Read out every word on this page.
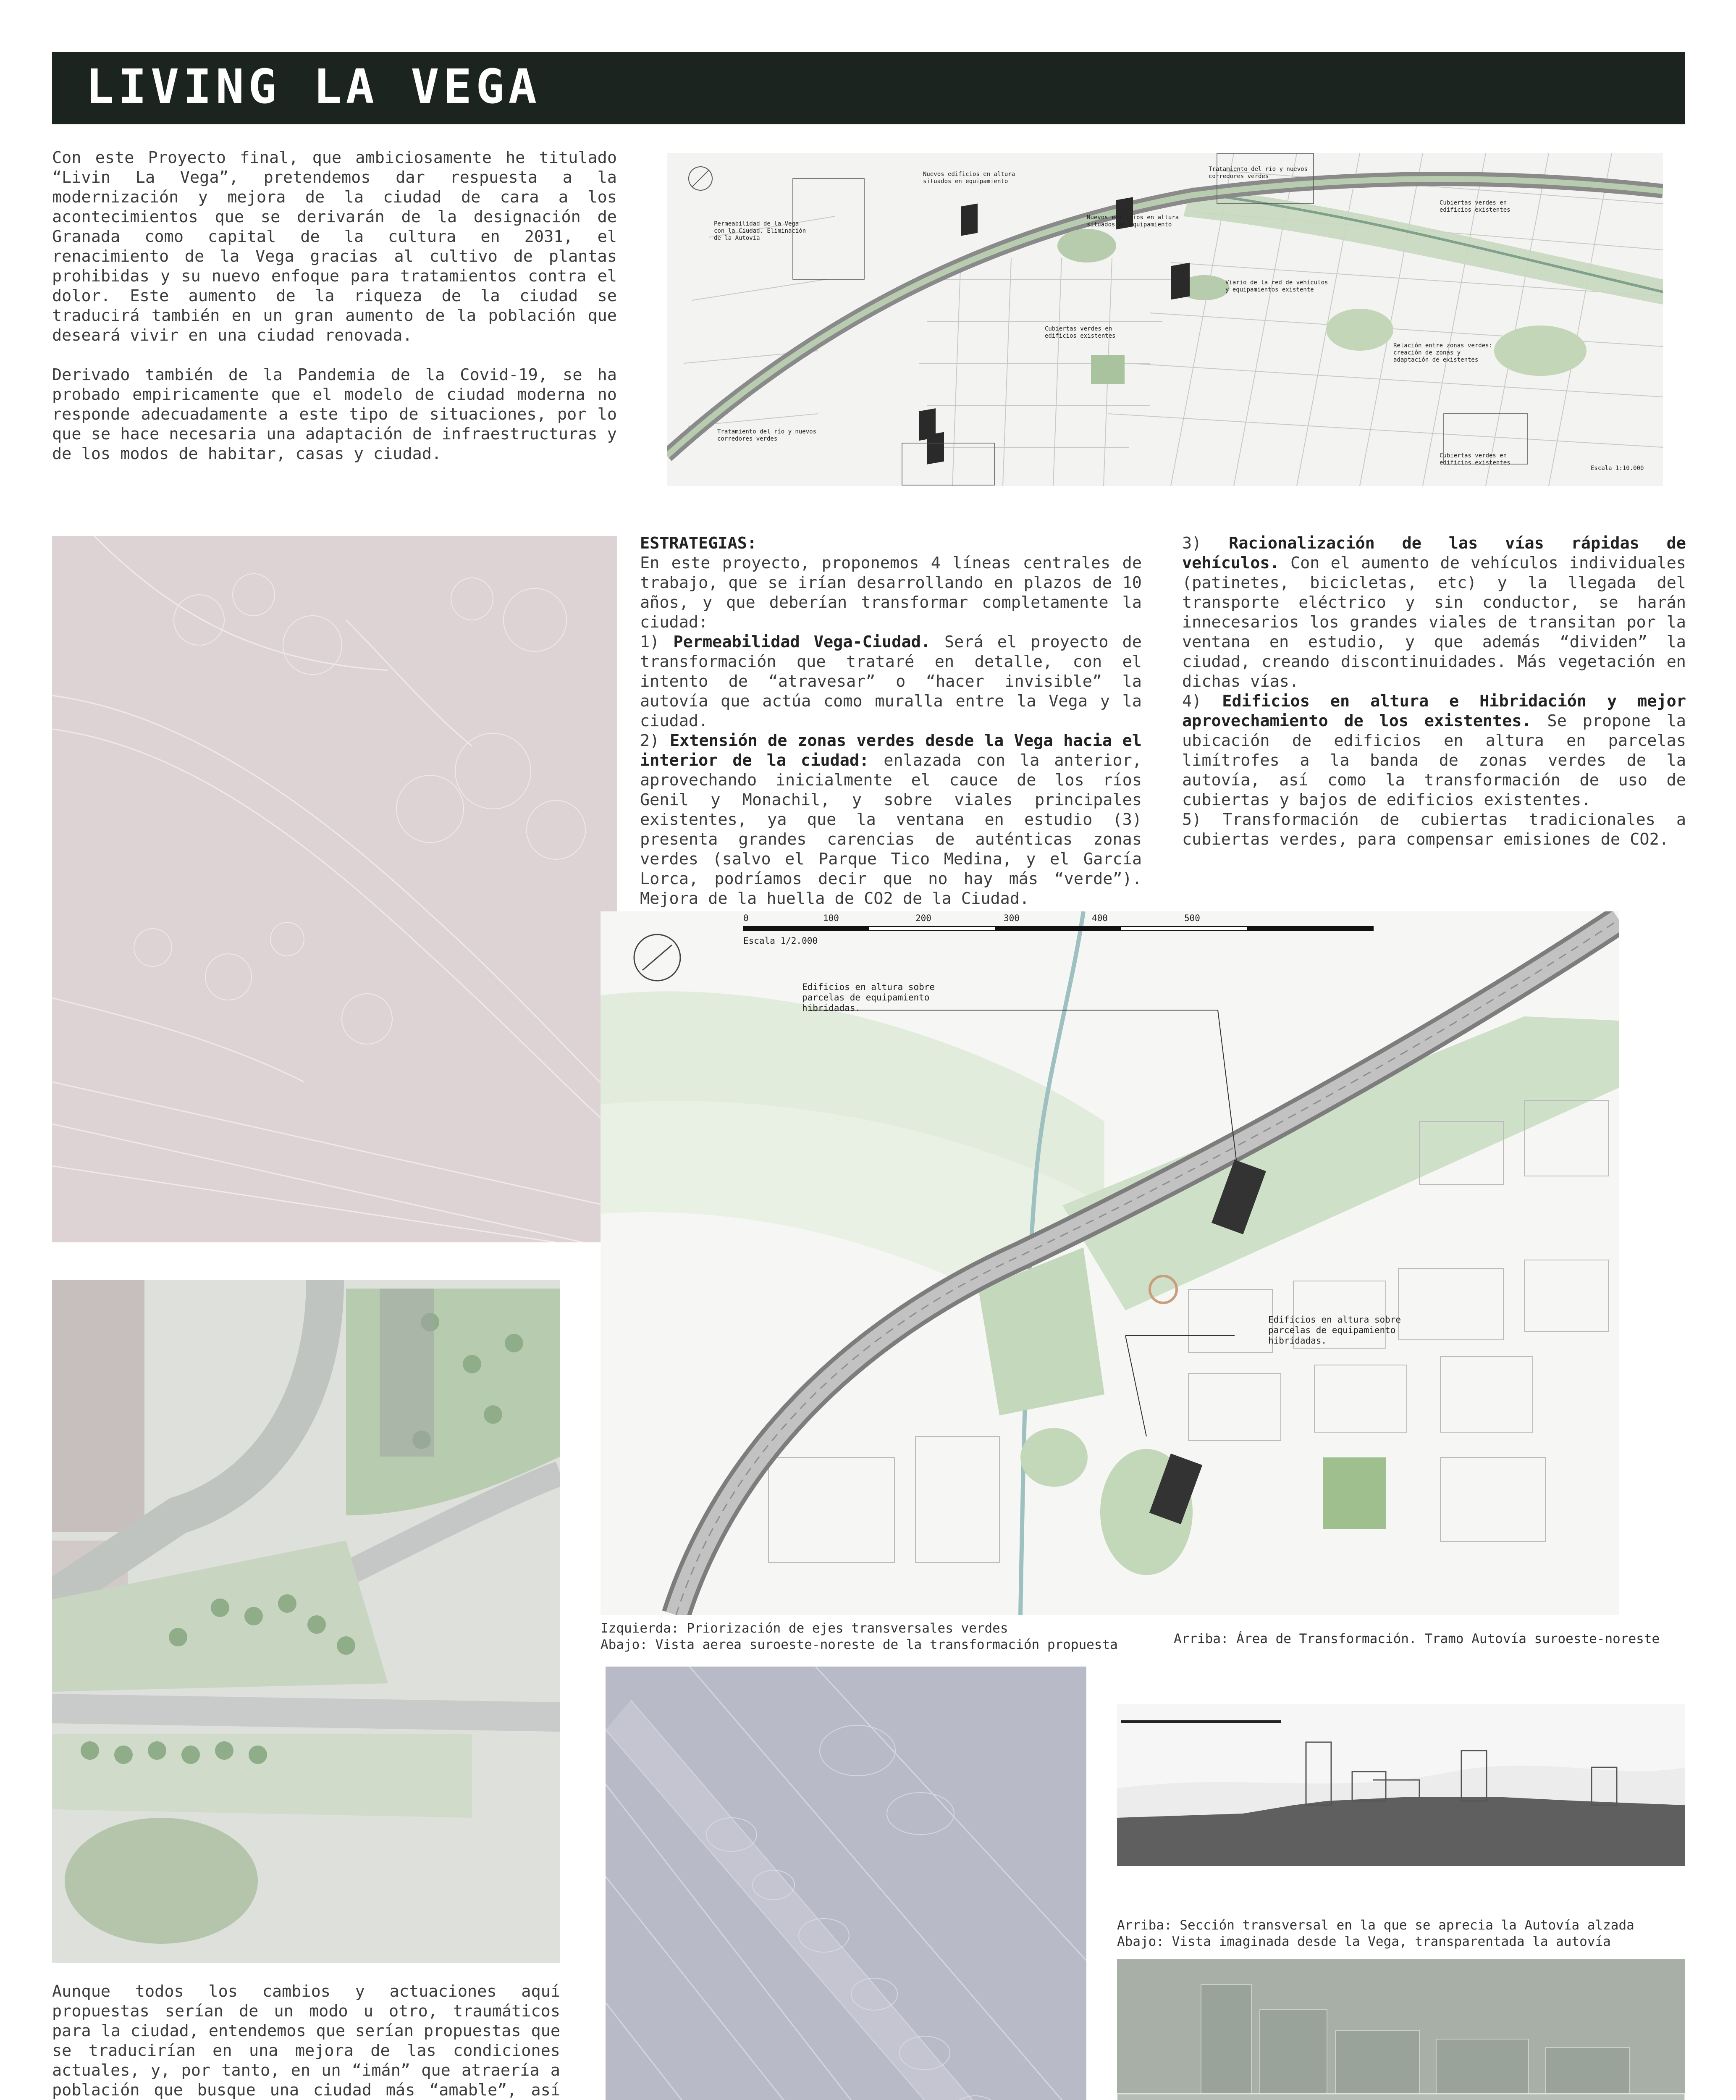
LIVING LA VEGA

Con este Proyecto final, que ambiciosamente he titulado “Livin La Vega”, pretendemos dar respuesta a la modernización y mejora de la ciudad de cara a los acontecimientos que se derivarán de la designación de Granada como capital de la cultura en 2031, el renacimiento de la Vega gracias al cultivo de plantas prohibidas y su nuevo enfoque para tratamientos contra el dolor. Este aumento de la riqueza de la ciudad se traducirá también en un gran aumento de la población que deseará vivir en una ciudad renovada.

Derivado también de la Pandemia de la Covid-19, se ha probado empiricamente que el modelo de ciudad moderna no responde adecuadamente a este tipo de situaciones, por lo que se hace necesaria una adaptación de infraestructuras y de los modos de habitar, casas y ciudad.

Permeabilidad de la Vega con la Ciudad. Eliminación de la Autovía
Nuevos edificios en altura situados en equipamiento
Nuevos edificios en altura situados en equipamiento
Tratamiento del río y nuevos corredores verdes
Cubiertas verdes en edificios existentes
Viario de la red de vehículos y equipamientos existente
Relación entre zonas verdes: creación de zonas y adaptación de existentes
Cubiertas verdes en edificios existentes
Cubiertas verdes en edificios existentes
Tratamiento del río y nuevos corredores verdes
Escala 1:10.000
ESTRATEGIAS:
En este proyecto, proponemos 4 líneas centrales de trabajo, que se irían desarrollando en plazos de 10 años, y que deberían transformar completamente la ciudad:
1) Permeabilidad Vega-Ciudad. Será el proyecto de transformación que trataré en detalle, con el intento de “atravesar” o “hacer invisible” la autovía que actúa como muralla entre la Vega y la ciudad.
2) Extensión de zonas verdes desde la Vega hacia el interior de la ciudad: enlazada con la anterior, aprovechando inicialmente el cauce de los ríos Genil y Monachil, y sobre viales principales existentes, ya que la ventana en estudio (3) presenta grandes carencias de auténticas zonas verdes (salvo el Parque Tico Medina, y el García Lorca, podríamos decir que no hay más “verde”). Mejora de la huella de CO2 de la Ciudad.
3) Racionalización de las vías rápidas de vehículos. Con el aumento de vehículos individuales (patinetes, bicicletas, etc) y la llegada del transporte eléctrico y sin conductor, se harán innecesarios los grandes viales de transitan por la ventana en estudio, y que además “dividen” la ciudad, creando discontinuidades. Más vegetación en dichas vías.
4) Edificios en altura e Hibridación y mejor aprovechamiento de los existentes. Se propone la ubicación de edificios en altura en parcelas limítrofes a la banda de zonas verdes de la autovía, así como la transformación de uso de cubiertas y bajos de edificios existentes.
5) Transformación de cubiertas tradicionales a cubiertas verdes, para compensar emisiones de CO2.
0	100	200	300	400	500
Escala 1/2.000
Edificios en altura sobre parcelas de equipamiento hibridadas.
Edificios en altura sobre parcelas de equipamiento hibridadas.
Izquierda: Priorización de ejes transversales verdes
Abajo: Vista aerea suroeste-noreste de la transformación propuesta	Arriba: Área de Transformación. Tramo Autovía suroeste-noreste
Arriba: Sección transversal en la que se aprecia la Autovía alzada
Abajo: Vista imaginada desde la Vega, transparentada la autovía
Aunque todos los cambios y actuaciones aquí propuestas serían de un modo u otro, traumáticos para la ciudad, entendemos que serían propuestas que se traducirían en una mejora de las condiciones actuales, y, por tanto, en un “imán” que atraería a población que busque una ciudad más “amable”, así
